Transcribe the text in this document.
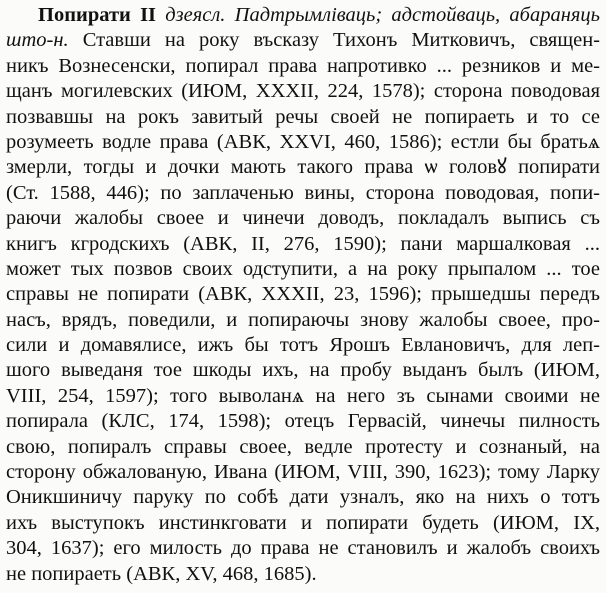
Попирати II дзеясл. Падтрымліваць; адстойваць, абараняць
што-н. Ставши на року въсказу Тихонъ Митковичъ, священ-
никъ Вознесенски, попирал права напротивко ... резников и ме-
щанъ могилевских (ИЮМ, XXXII, 224, 1578); сторона поводовая
позвавшы на рокъ завитый речы своей не попираеть и то се
розумееть водле права (АВК, XXVI, 460, 1586); естли бы братьѧ
змерли, тогды и дочки мають такого права ѡ головꙋ попирати
(Ст. 1588, 446); по заплаченью вины, сторона поводовая, попи-
раючи жалобы своее и чинечи доводъ, покладалъ выпись съ
книгъ кгродскихъ (АВК, II, 276, 1590); пани маршалковая ...
может тых позвов своих одступити, а на року прыпалом ... тое
справы не попирати (АВК, XXXII, 23, 1596); прышедшы передъ
насъ, врядъ, поведили, и попираючы знову жалобы своее, про-
сили и домавялисе, ижъ бы тотъ Ярошъ Евлановичъ, для леп-
шого выведаня тое шкоды ихъ, на пробу выданъ былъ (ИЮМ,
VIII, 254, 1597); того выволанѧ на него зъ сынами своими не
попирала (КЛС, 174, 1598); отецъ Гервасій, чинечы пилность
свою, попиралъ справы своее, ведле протесту и сознаный, на
сторону обжалованую, Ивана (ИЮМ, VIII, 390, 1623); тому Ларку
Оникшиничу паруку по собѣ дати узналъ, яко на нихъ о тотъ
ихъ выступокъ инстинкговати и попирати будеть (ИЮМ, IX,
304, 1637); его милость до права не становилъ и жалобъ своихъ
не попираеть (АВК, XV, 468, 1685).
